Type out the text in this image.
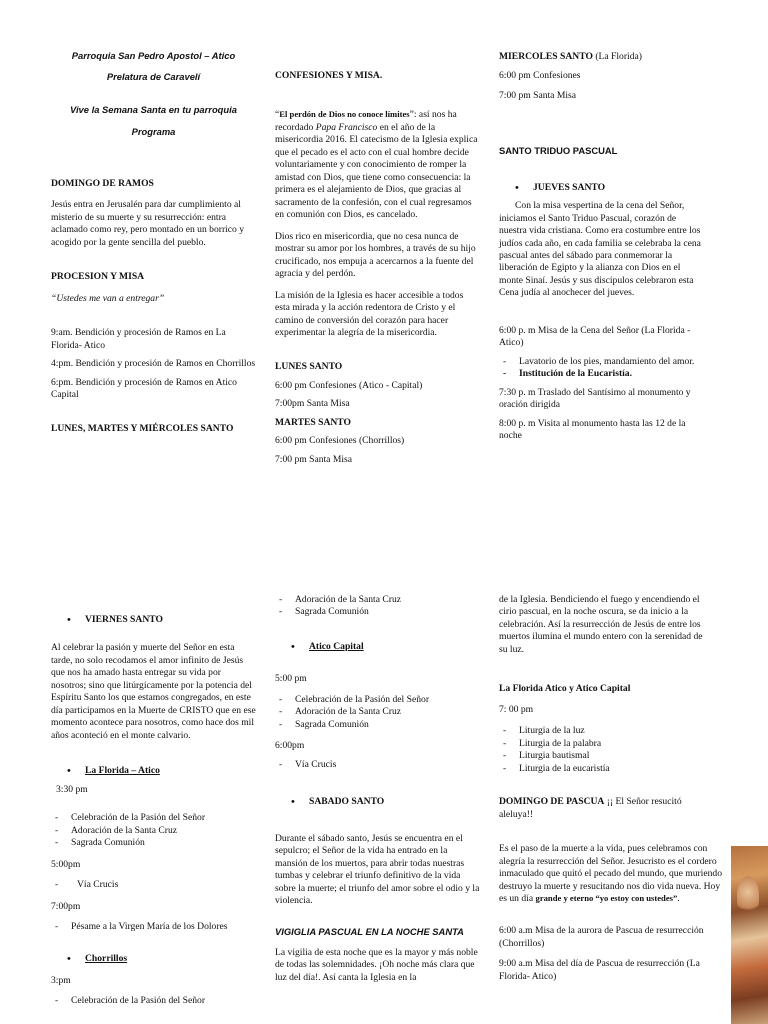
Parroquia San Pedro Apostol – Atico

Prelatura de Caravelí

Vive la Semana Santa en tu parroquia

Programa

DOMINGO DE RAMOS

Jesús entra en Jerusalén para dar cumplimiento al misterio de su muerte y su resurrección: entra aclamado como rey, pero montado en un borrico y acogido por la gente sencilla del pueblo.

PROCESION Y MISA

“Ustedes me van a entregar”

9:am. Bendición y procesión de Ramos en La Florida- Atico

4:pm. Bendición y procesión de Ramos en Chorrillos

6:pm. Bendición y procesión de Ramos en Atico Capital

LUNES, MARTES Y MIÉRCOLES SANTO

CONFESIONES Y MISA.

“El perdón de Dios no conoce límites”: así nos ha recordado Papa Francisco en el año de la misericordia 2016. El catecismo de la Iglesia explica que el pecado es el acto con el cual hombre decide voluntariamente y con conocimiento de romper la amistad con Dios, que tiene como consecuencia: la primera es el alejamiento de Dios, que gracias al sacramento de la confesión, con el cual regresamos en comunión con Dios, es cancelado.

Dios rico en misericordia, que no cesa nunca de mostrar su amor por los hombres, a través de su hijo crucificado, nos empuja a acercarnos a la fuente del agracia y del perdón.

La misión de la Iglesia es hacer accesible a todos esta mirada y la acción redentora de Cristo y el camino de conversión del corazón para hacer experimentar la alegría de la misericordia.

LUNES SANTO

6:00 pm Confesiones (Atico - Capital)

7:00pm Santa Misa

MARTES SANTO

6:00 pm Confesiones (Chorrillos)

7:00 pm Santa Misa

MIERCOLES SANTO (La Florida)

6:00 pm Confesiones

7:00 pm Santa Misa

SANTO TRIDUO PASCUAL

• JUEVES SANTO

Con la misa vespertina de la cena del Señor, iniciamos el Santo Triduo Pascual, corazón de nuestra vida cristiana. Como era costumbre entre los judíos cada año, en cada familia se celebraba la cena pascual antes del sábado para conmemorar la liberación de Egipto y la alianza con Dios en el monte Sinaí. Jesús y sus discípulos celebraron esta Cena judía al anochecer del jueves.

6:00 p. m Misa de la Cena del Señor (La Florida - Atico)

- Lavatorio de los pies, mandamiento del amor.
- Institución de la Eucaristía.

7:30 p. m Traslado del Santísimo al monumento y oración dirigida

8:00 p. m Visita al monumento hasta las 12 de la noche

• VIERNES SANTO

Al celebrar la pasión y muerte del Señor en esta tarde, no solo recodamos el amor infinito de Jesús que nos ha amado hasta entregar su vida por nosotros; sino que litúrgicamente por la potencia del Espíritu Santo los que estamos congregados, en este día participamos en la Muerte de CRISTO que en ese momento acontece para nosotros, como hace dos mil años aconteció en el monte calvario.

• La Florida – Atico

3:30 pm

- Celebración de la Pasión del Señor
- Adoración de la Santa Cruz
- Sagrada Comunión

5:00pm

- Vía Crucis

7:00pm

- Pésame a la Virgen María de los Dolores

• Chorrillos

3:pm

- Celebración de la Pasión del Señor
- Adoración de la Santa Cruz
- Sagrada Comunión

• Atico Capital

5:00 pm

- Celebración de la Pasión del Señor
- Adoración de la Santa Cruz
- Sagrada Comunión

6:00pm

- Vía Crucis

• SABADO SANTO

Durante el sábado santo, Jesús se encuentra en el sepulcro; el Señor de la vida ha entrado en la mansión de los muertos, para abrir todas nuestras tumbas y celebrar el triunfo definitivo de la vida sobre la muerte; el triunfo del amor sobre el odio y la violencia.

VIGIGLIA PASCUAL EN LA NOCHE SANTA

La vigilia de esta noche que es la mayor y más noble de todas las solemnidades. ¡Oh noche más clara que luz del día!. Así canta la Iglesia en la

de la Iglesia. Bendiciendo el fuego y encendiendo el cirio pascual, en la noche oscura, se da inicio a la celebración. Así la resurrección de Jesús de entre los muertos ilumina el mundo entero con la serenidad de su luz.

La Florida Atico y Atico Capital

7: 00 pm

- Liturgia de la luz
- Liturgia de la palabra
- Liturgia bautismal
- Liturgia de la eucaristía

DOMINGO DE PASCUA ¡¡ El Señor resucitó aleluya!!

Es el paso de la muerte a la vida, pues celebramos con alegría la resurrección del Señor. Jesucristo es el cordero inmaculado que quitó el pecado del mundo, que muriendo destruyo la muerte y resucitando nos dio vida nueva. Hoy es un día grande y eterno “yo estoy con ustedes”.

6:00 a.m Misa de la aurora de Pascua de resurrección (Chorrillos)

9:00 a.m Misa del día de Pascua de resurrección (La Florida- Atico)
